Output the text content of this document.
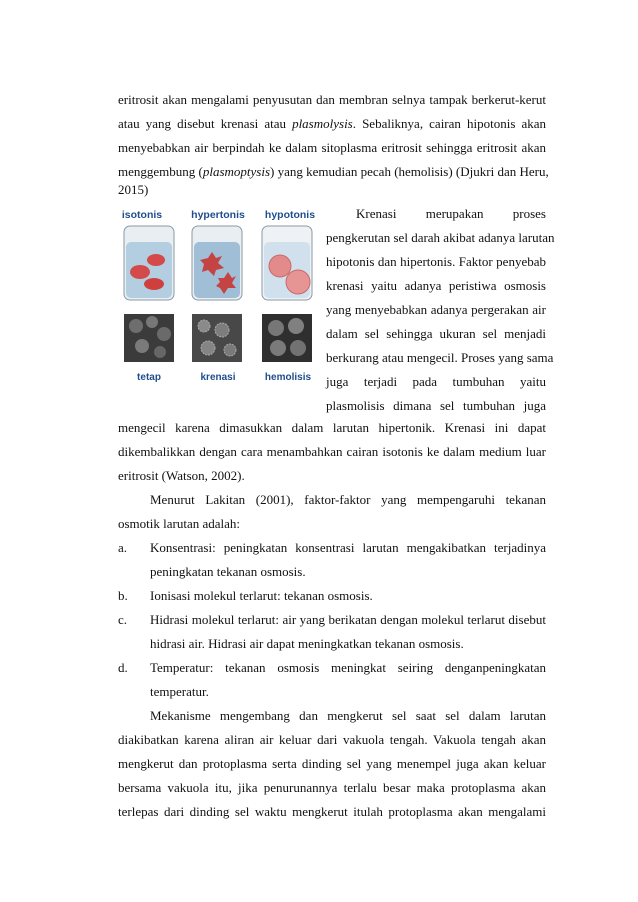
eritrosit akan mengalami penyusutan dan membran selnya tampak berkerut-kerut
atau yang disebut krenasi atau plasmolysis. Sebaliknya, cairan hipotonis akan
menyebabkan air berpindah ke dalam sitoplasma eritrosit sehingga eritrosit akan
menggembung (plasmoptysis) yang kemudian pecah (hemolisis) (Djukri dan Heru,
2015)
isotonis	hypertonis hypotonis
tetap	krenasi	hemolisis
Krenasi merupakan proses
pengkerutan sel darah akibat adanya larutan
hipotonis dan hipertonis. Faktor penyebab
krenasi yaitu adanya peristiwa osmosis
yang menyebabkan adanya pergerakan air
dalam sel sehingga ukuran sel menjadi
berkurang atau mengecil. Proses yang sama
juga terjadi pada tumbuhan yaitu
plasmolisis dimana sel tumbuhan juga
mengecil karena dimasukkan dalam larutan hipertonik. Krenasi ini dapat
dikembalikkan dengan cara menambahkan cairan isotonis ke dalam medium luar
eritrosit (Watson, 2002).
Menurut Lakitan (2001), faktor-faktor yang mempengaruhi tekanan
osmotik larutan adalah:
a. Konsentrasi: peningkatan konsentrasi larutan mengakibatkan terjadinya
peningkatan tekanan osmosis.
b. Ionisasi molekul terlarut: tekanan osmosis.
c. Hidrasi molekul terlarut: air yang berikatan dengan molekul terlarut disebut
hidrasi air. Hidrasi air dapat meningkatkan tekanan osmosis.
d. Temperatur: tekanan osmosis meningkat seiring denganpeningkatan
temperatur.
Mekanisme mengembang dan mengkerut sel saat sel dalam larutan
diakibatkan karena aliran air keluar dari vakuola tengah. Vakuola tengah akan
mengkerut dan protoplasma serta dinding sel yang menempel juga akan keluar
bersama vakuola itu, jika penurunannya terlalu besar maka protoplasma akan
terlepas dari dinding sel waktu mengkerut itulah protoplasma akan mengalami
